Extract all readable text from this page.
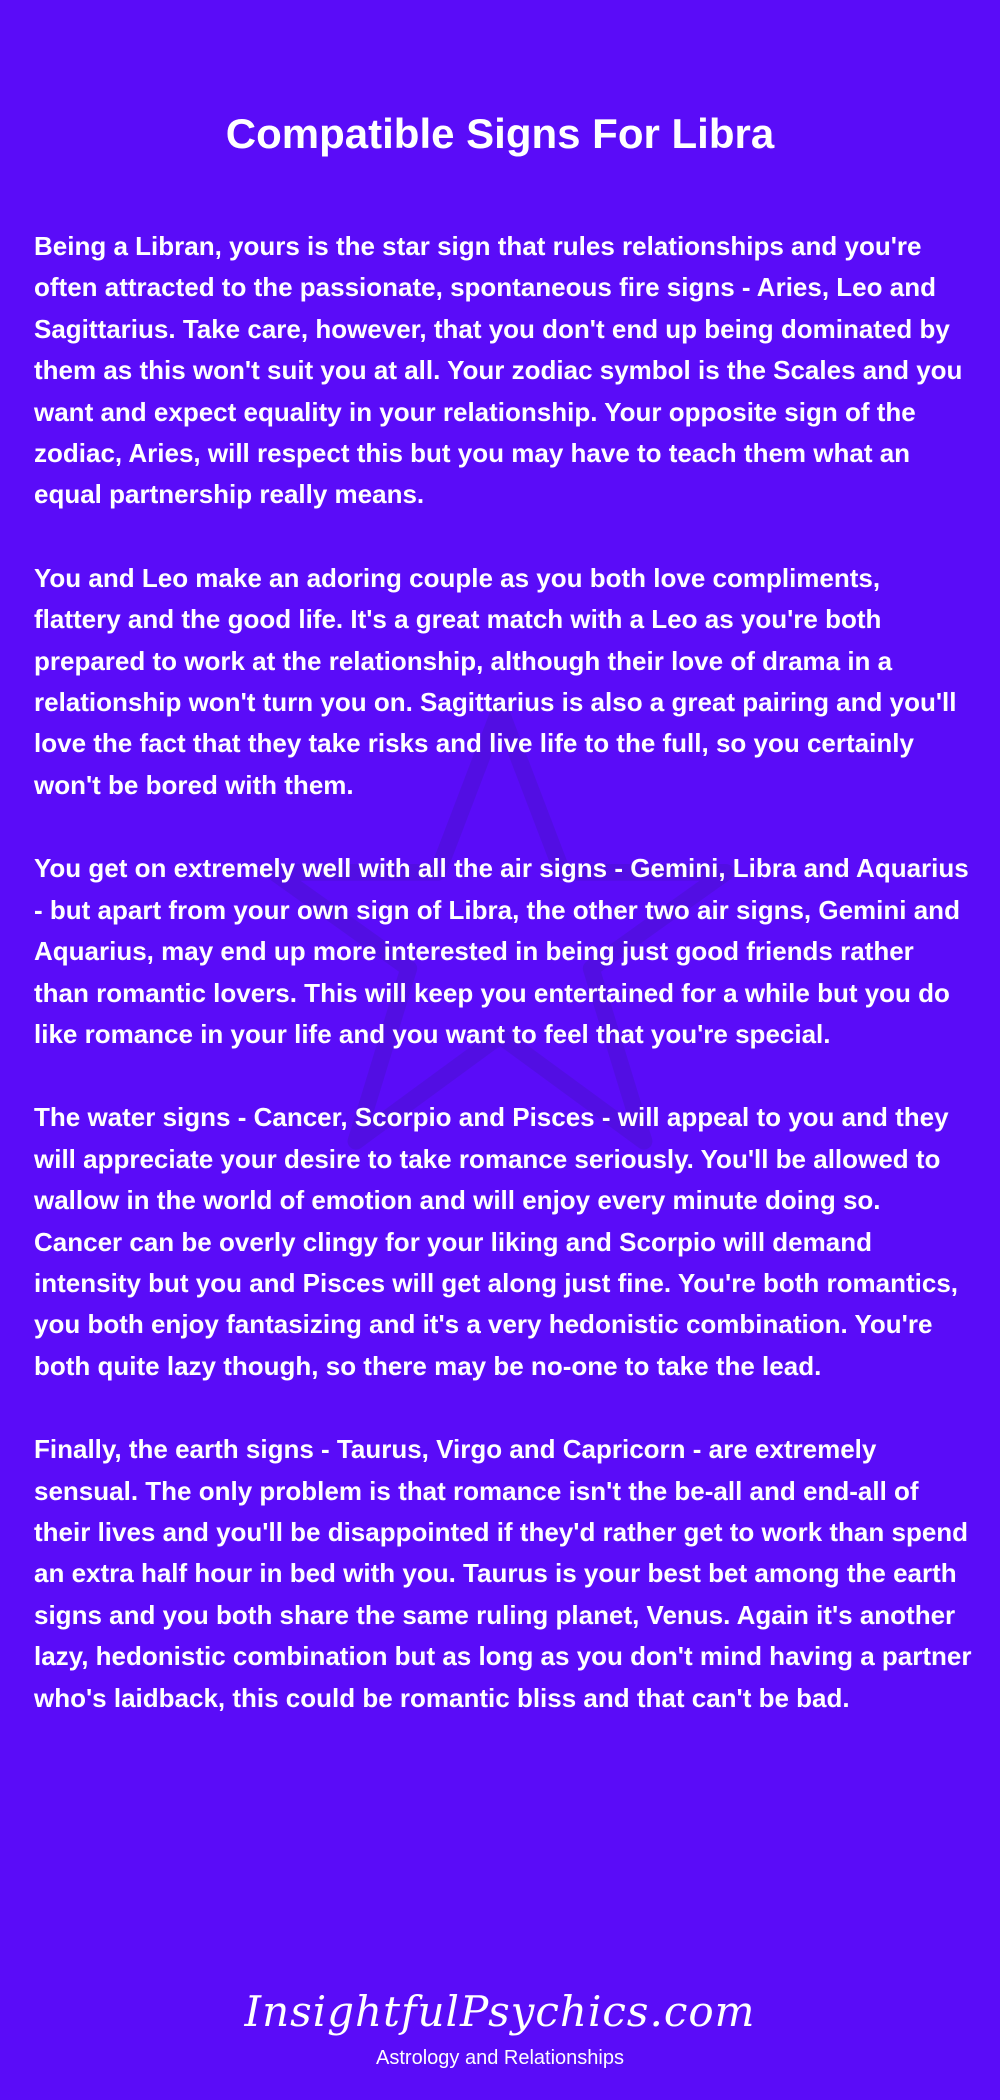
Compatible Signs For Libra

Being a Libran, yours is the star sign that rules relationships and you're often attracted to the passionate, spontaneous fire signs - Aries, Leo and Sagittarius. Take care, however, that you don't end up being dominated by them as this won't suit you at all. Your zodiac symbol is the Scales and you want and expect equality in your relationship. Your opposite sign of the zodiac, Aries, will respect this but you may have to teach them what an equal partnership really means.

You and Leo make an adoring couple as you both love compliments, flattery and the good life. It's a great match with a Leo as you're both prepared to work at the relationship, although their love of drama in a relationship won't turn you on. Sagittarius is also a great pairing and you'll love the fact that they take risks and live life to the full, so you certainly won't be bored with them.

You get on extremely well with all the air signs - Gemini, Libra and Aquarius - but apart from your own sign of Libra, the other two air signs, Gemini and Aquarius, may end up more interested in being just good friends rather than romantic lovers. This will keep you entertained for a while but you do like romance in your life and you want to feel that you're special.

The water signs - Cancer, Scorpio and Pisces - will appeal to you and they will appreciate your desire to take romance seriously. You'll be allowed to wallow in the world of emotion and will enjoy every minute doing so. Cancer can be overly clingy for your liking and Scorpio will demand intensity but you and Pisces will get along just fine. You're both romantics, you both enjoy fantasizing and it's a very hedonistic combination. You're both quite lazy though, so there may be no-one to take the lead.

Finally, the earth signs - Taurus, Virgo and Capricorn - are extremely sensual. The only problem is that romance isn't the be-all and end-all of their lives and you'll be disappointed if they'd rather get to work than spend an extra half hour in bed with you. Taurus is your best bet among the earth signs and you both share the same ruling planet, Venus. Again it's another lazy, hedonistic combination but as long as you don't mind having a partner who's laidback, this could be romantic bliss and that can't be bad.

InsightfulPsychics.com
Astrology and Relationships
